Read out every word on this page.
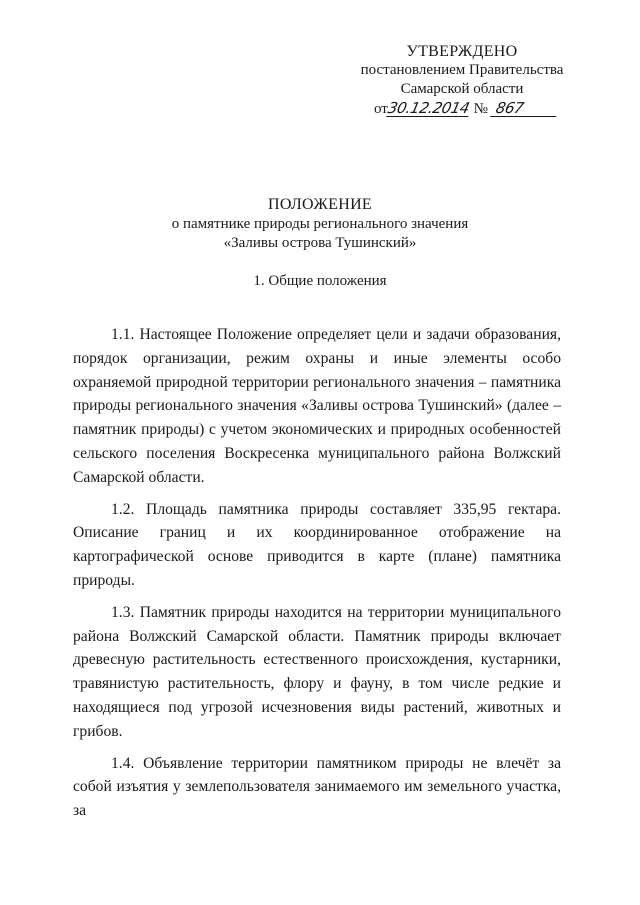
УТВЕРЖДЕНО
постановлением Правительства
Самарской области
от30.12.2014 № 867
ПОЛОЖЕНИЕ
о памятнике природы регионального значения
«Заливы острова Тушинский»
1. Общие положения

1.1. Настоящее Положение определяет цели и задачи образования, порядок организации, режим охраны и иные элементы особо охраняемой природной территории регионального значения – памятника природы регионального значения «Заливы острова Тушинский» (далее – памятник природы) с учетом экономических и природных особенностей сельского поселения Воскресенка муниципального района Волжский Самарской области.

1.2. Площадь памятника природы составляет 335,95 гектара. Описание границ и их координированное отображение на картографической основе приводится в карте (плане) памятника природы.

1.3. Памятник природы находится на территории муниципального района Волжский Самарской области. Памятник природы включает древесную растительность естественного происхождения, кустарники, травянистую растительность, флору и фауну, в том числе редкие и находящиеся под угрозой исчезновения виды растений, животных и грибов.

1.4. Объявление территории памятником природы не влечёт за собой изъятия у землепользователя занимаемого им земельного участка, за
